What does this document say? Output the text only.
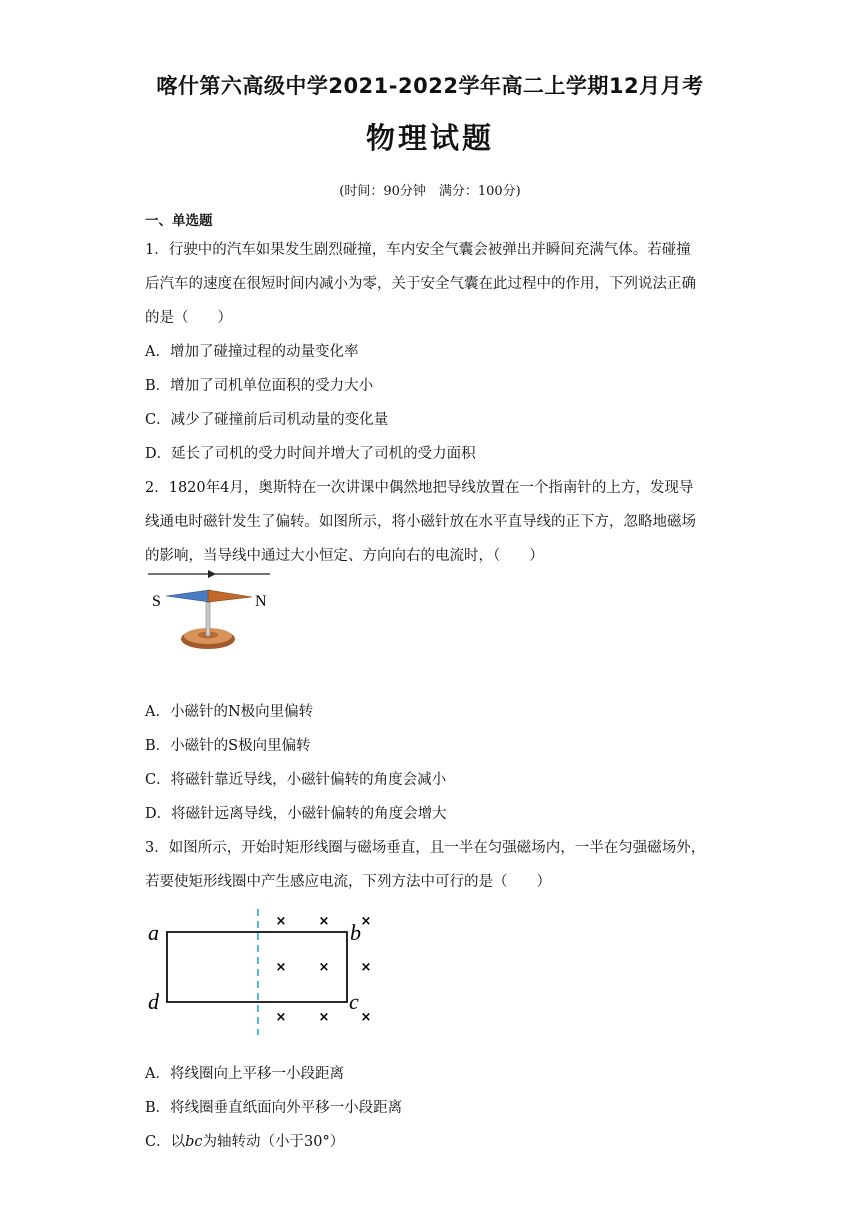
喀什第六高级中学2021-2022学年高二上学期12月月考
物理试题
(时间：90分钟　满分：100分)
一、单选题
1．行驶中的汽车如果发生剧烈碰撞，车内安全气囊会被弹出并瞬间充满气体。若碰撞
后汽车的速度在很短时间内减小为零，关于安全气囊在此过程中的作用，下列说法正确
的是（　　）
A．增加了碰撞过程的动量变化率
B．增加了司机单位面积的受力大小
C．减少了碰撞前后司机动量的变化量
D．延长了司机的受力时间并增大了司机的受力面积
2．1820年4月，奥斯特在一次讲课中偶然地把导线放置在一个指南针的上方，发现导
线通电时磁针发生了偏转。如图所示，将小磁针放在水平直导线的正下方，忽略地磁场
的影响，当导线中通过大小恒定、方向向右的电流时，（　　）
S	N
A．小磁针的N极向里偏转
B．小磁针的S极向里偏转
C．将磁针靠近导线，小磁针偏转的角度会减小
D．将磁针远离导线，小磁针偏转的角度会增大
3．如图所示，开始时矩形线圈与磁场垂直，且一半在匀强磁场内，一半在匀强磁场外，
若要使矩形线圈中产生感应电流，下列方法中可行的是（　　）
a	b
c
d
× × ×
× × ×
× × ×
A．将线圈向上平移一小段距离
B．将线圈垂直纸面向外平移一小段距离
C．以bc为轴转动（小于30°）
